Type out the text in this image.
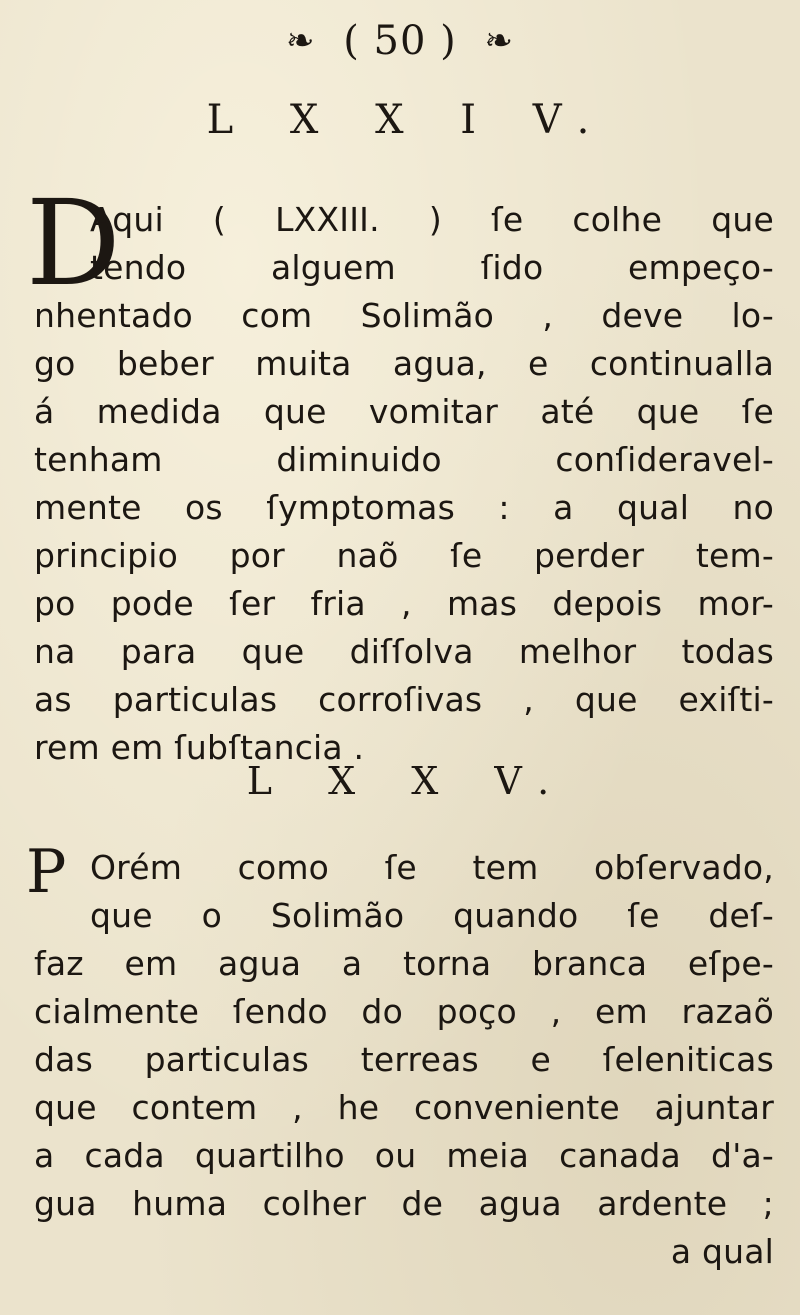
❧ ( 50 ) ❧
L X X I V.
D
Aqui ( LXXIII. ) ſe colhe que
tendo alguem ſido empeço-
nhentado com Solimão , deve lo-
go beber muita agua, e continualla
á medida que vomitar até que ſe
tenham diminuido conſideravel-
mente os ſymptomas : a qual no
principio por naõ ſe perder tem-
po pode ſer fria , mas depois mor-
na para que diſſolva melhor todas
as particulas corroſivas , que exiſti-
rem em ſubſtancia .
L X X V.
P Orém como ſe tem obſervado,
que o Solimão quando ſe deſ-
faz em agua a torna branca eſpe-
cialmente ſendo do poço , em razaõ
das particulas terreas e ſeleniticas
que contem , he conveniente ajuntar
a cada quartilho ou meia canada d'a-
gua huma colher de agua ardente ;
a qual
